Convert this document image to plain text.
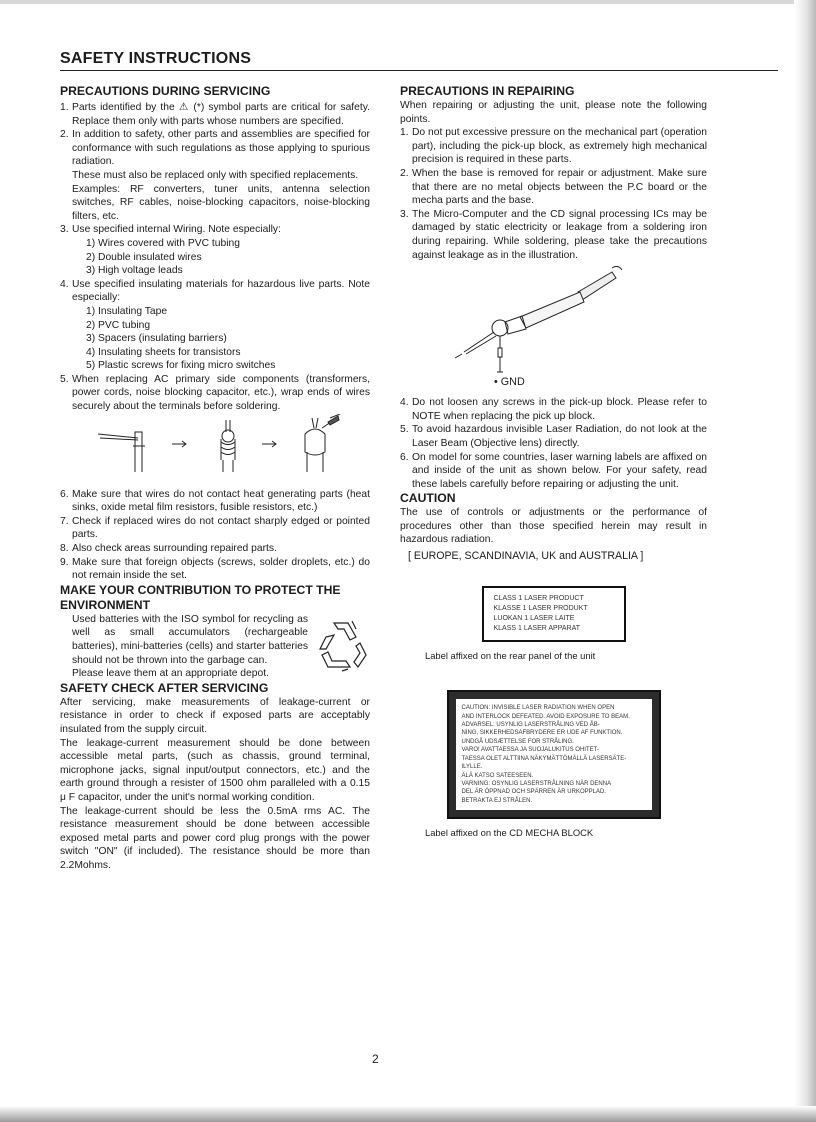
SAFETY INSTRUCTIONS
PRECAUTIONS DURING SERVICING
1. Parts identified by the ⚠ (*) symbol parts are critical for safety. Replace them only with parts whose numbers are specified.
2. In addition to safety, other parts and assemblies are specified for conformance with such regulations as those applying to spurious radiation.
These must also be replaced only with specified replacements.
Examples: RF converters, tuner units, antenna selection switches, RF cables, noise-blocking capacitors, noise-blocking filters, etc.
3. Use specified internal Wiring. Note especially:
1) Wires covered with PVC tubing
2) Double insulated wires
3) High voltage leads
4. Use specified insulating materials for hazardous live parts. Note especially:
1) Insulating Tape
2) PVC tubing
3) Spacers (insulating barriers)
4) Insulating sheets for transistors
5) Plastic screws for fixing micro switches
5. When replacing AC primary side components (transformers, power cords, noise blocking capacitor, etc.), wrap ends of wires securely about the terminals before soldering.
6. Make sure that wires do not contact heat generating parts (heat sinks, oxide metal film resistors, fusible resistors, etc.)
7. Check if replaced wires do not contact sharply edged or pointed parts.
8. Also check areas surrounding repaired parts.
9. Make sure that foreign objects (screws, solder droplets, etc.) do not remain inside the set.
MAKE YOUR CONTRIBUTION TO PROTECT THE ENVIRONMENT
Used batteries with the ISO symbol for recycling as well as small accumulators (rechargeable batteries), mini-batteries (cells) and starter batteries should not be thrown into the garbage can.
Please leave them at an appropriate depot.
SAFETY CHECK AFTER SERVICING
After servicing, make measurements of leakage-current or resistance in order to check if exposed parts are acceptably insulated from the supply circuit.
The leakage-current measurement should be done between accessible metal parts, (such as chassis, ground terminal, microphone jacks, signal input/output connectors, etc.) and the earth ground through a resister of 1500 ohm paralleled with a 0.15 μ F capacitor, under the unit's normal working condition.
The leakage-current should be less the 0.5mA rms AC. The resistance measurement should be done between accessible exposed metal parts and power cord plug prongs with the power switch "ON" (if included). The resistance should be more than 2.2Mohms.
PRECAUTIONS IN REPAIRING
When repairing or adjusting the unit, please note the following points.
1. Do not put excessive pressure on the mechanical part (operation part), including the pick-up block, as extremely high mechanical precision is required in these parts.
2. When the base is removed for repair or adjustment. Make sure that there are no metal objects between the P.C board or the mecha parts and the base.
3. The Micro-Computer and the CD signal processing ICs may be damaged by static electricity or leakage from a soldering iron during repairing. While soldering, please take the precautions against leakage as in the illustration.
• GND
4. Do not loosen any screws in the pick-up block. Please refer to NOTE when replacing the pick up block.
5. To avoid hazardous invisible Laser Radiation, do not look at the Laser Beam (Objective lens) directly.
6. On model for some countries, laser warning labels are affixed on and inside of the unit as shown below. For your safety, read these labels carefully before repairing or adjusting the unit.
CAUTION
The use of controls or adjustments or the performance of procedures other than those specified herein may result in hazardous radiation.
[ EUROPE, SCANDINAVIA, UK and AUSTRALIA ]
CLASS 1 LASER PRODUCT
KLASSE 1 LASER PRODUKT
LUOKAN 1 LASER LAITE
KLASS 1 LASER APPARAT
Label affixed on the rear panel of the unit
CAUTION: INVISIBLE LASER RADIATION WHEN OPEN
AND INTERLOCK DEFEATED. AVOID EXPOSURE TO BEAM.
ADVARSEL: USYNLIG LASERSTRÅLING VED ÅB-
NING, SIKKERHEDSAFBRYDERE ER UDE AF FUNKTION.
UNDGÅ UDSÆTTELSE FOR STRÅLING.
VARO! AVATTAESSA JA SUOJALUKITUS OHITET-
TAESSA OLET ALTTIINA NÄKYMÄTTÖMÄLLÄ LASERSÄTE-
ILYLLE.
ÄLÄ KATSO SATEESEEN.
VARNING: OSYNLIG LASERSTRÅLNING NÄR DENNA
DEL ÄR ÖPPNAD OCH SPÄRREN ÄR URKOPPLAD.
BETRAKTA EJ STRÅLEN.
Label affixed on the CD MECHA BLOCK
2
